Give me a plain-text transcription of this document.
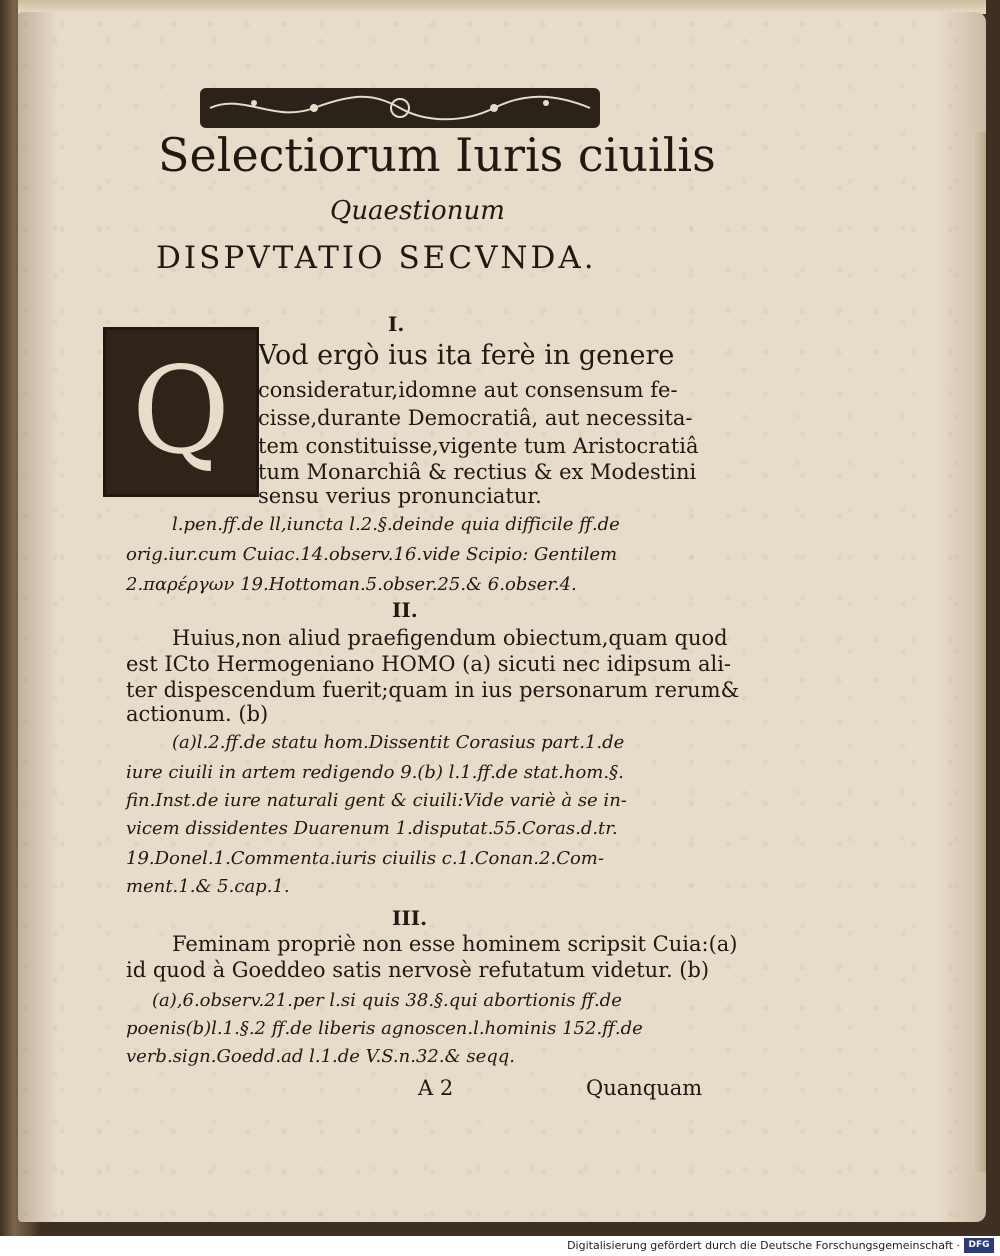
Selectiorum Iuris ciuilis
Quaestionum
DISPVTATIO SECVNDA.
I.
Q Vod ergò ius ita ferè in genere
consideratur,idomne aut consensum fe-
cisse,durante Democratiâ, aut necessita-
tem constituisse,vigente tum Aristocratiâ
tum Monarchiâ & rectius & ex Modestini
sensu verius pronunciatur.
l.pen.ff.de ll,iuncta l.2.§.deinde quia difficile ff.de
orig.iur.cum Cuiac.14.observ.16.vide Scipio: Gentilem
2.παρέργων 19.Hottoman.5.obser.25.& 6.obser.4.
II.
Huius,non aliud praefigendum obiectum,quam quod
est ICto Hermogeniano HOMO (a) sicuti nec idipsum ali-
ter dispescendum fuerit;quam in ius personarum rerum&
actionum. (b)
(a)l.2.ff.de statu hom.Dissentit Corasius part.1.de
iure ciuili in artem redigendo 9.(b) l.1.ff.de stat.hom.§.
fin.Inst.de iure naturali gent & ciuili:Vide variè à se in-
vicem dissidentes Duarenum 1.disputat.55.Coras.d.tr.
19.Donel.1.Commenta.iuris ciuilis c.1.Conan.2.Com-
ment.1.& 5.cap.1.
III.
Feminam propriè non esse hominem scripsit Cuia:(a)
id quod à Goeddeo satis nervosè refutatum videtur. (b)
(a),6.observ.21.per l.si quis 38.§.qui abortionis ff.de
poenis(b)l.1.§.2 ff.de liberis agnoscen.l.hominis 152.ff.de
verb.sign.Goedd.ad l.1.de V.S.n.32.& seqq.
A 2	Quanquam
Digitalisierung gefördert durch die Deutsche Forschungsgemeinschaft · DFG
